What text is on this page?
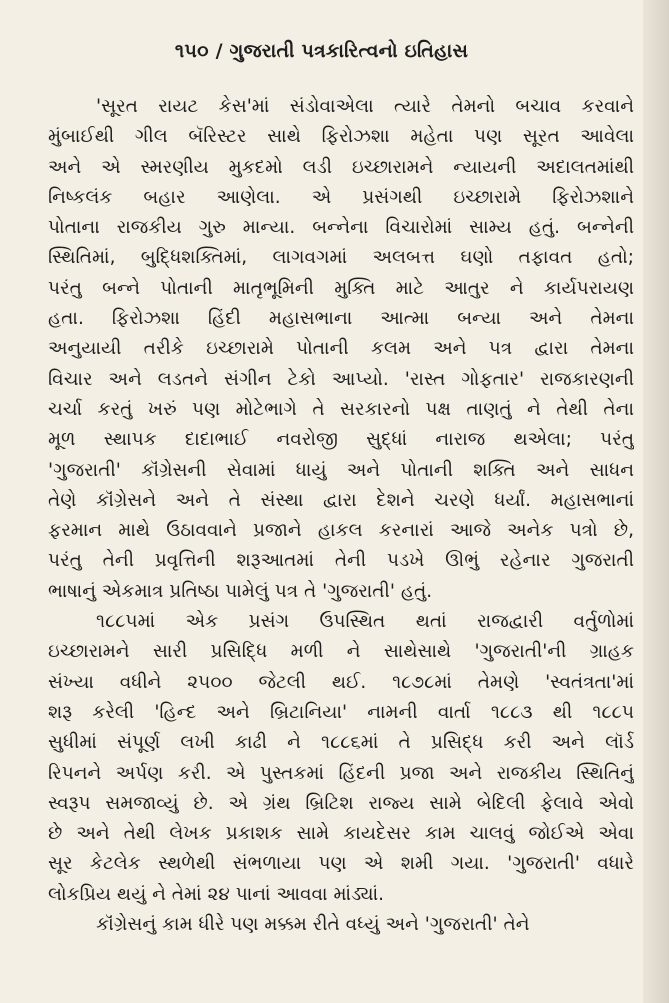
૧૫૦ / ગુજરાતી પત્રકારિત્વનો ઇતિહાસ
'સૂરત રાયટ કેસ'માં સંડોવાએલા ત્યારે તેમનો બચાવ કરવાને
મુંબાઈથી ગીલ બૅરિસ્ટર સાથે ફિરોઝશા મહેતા પણ સૂરત આવેલા
અને એ સ્મરણીય મુકદમો લડી ઇચ્છારામને ન્યાયની અદાલતમાંથી
નિષ્કલંક બહાર આણેલા. એ પ્રસંગથી ઇચ્છારામે ફિરોઝશાને
પોતાના રાજકીય ગુરુ માન્યા. બન્નેના વિચારોમાં સામ્ય હતું. બન્નેની
સ્થિતિમાં, બુદ્ધિશક્તિમાં, લાગવગમાં અલબત્ત ઘણો તફાવત હતો;
પરંતુ બન્ને પોતાની માતૃભૂમિની મુક્તિ માટે આતુર ને કાર્યપરાયણ
હતા. ફિરોઝશા હિંદી મહાસભાના આત્મા બન્યા અને તેમના
અનુયાયી તરીકે ઇચ્છારામે પોતાની કલમ અને પત્ર દ્વારા તેમના
વિચાર અને લડતને સંગીન ટેકો આપ્યો. 'રાસ્ત ગોફતાર' રાજકારણની
ચર્ચા કરતું ખરું પણ મોટેભાગે તે સરકારનો પક્ષ તાણતું ને તેથી તેના
મૂળ સ્થાપક દાદાભાઈ નવરોજી સુદ્ધાં નારાજ થએલા; પરંતુ
'ગુજરાતી' કૉંગ્રેસની સેવામાં ધાયું અને પોતાની શક્તિ અને સાધન
તેણે કૉંગ્રેસને અને તે સંસ્થા દ્વારા દેશને ચરણે ધર્યાં. મહાસભાનાં
ફરમાન માથે ઉઠાવવાને પ્રજાને હાકલ કરનારાં આજે અનેક પત્રો છે,
પરંતુ તેની પ્રવૃત્તિની શરૂઆતમાં તેની પડખે ઊભું રહેનાર ગુજરાતી
ભાષાનું એકમાત્ર પ્રતિષ્ઠા પામેલું પત્ર તે 'ગુજરાતી' હતું.
૧૮૮૫માં એક પ્રસંગ ઉપસ્થિત થતાં રાજદ્વારી વર્તુળોમાં
ઇચ્છારામને સારી પ્રસિદ્ધિ મળી ને સાથેસાથે 'ગુજરાતી'ની ગ્રાહક
સંખ્યા વધીને ૨૫૦૦ જેટલી થઈ. ૧૮૭૮માં તેમણે 'સ્વતંત્રતા'માં
શરૂ કરેલી 'હિન્દ અને બ્રિટાનિયા' નામની વાર્તા ૧૮૮૩ થી ૧૮૮૫
સુધીમાં સંપૂર્ણ લખી કાઢી ને ૧૮૮૬માં તે પ્રસિદ્ધ કરી અને લૉર્ડ
રિપનને અર્પણ કરી. એ પુસ્તકમાં હિંદની પ્રજા અને રાજકીય સ્થિતિનું
સ્વરૂપ સમજાવ્યું છે. એ ગ્રંથ બ્રિટિશ રાજ્ય સામે બેદિલી ફેલાવે એવો
છે અને તેથી લેખક પ્રકાશક સામે કાયદેસર કામ ચાલવું જોઈએ એવા
સૂર કેટલેક સ્થળેથી સંભળાયા પણ એ શમી ગયા. 'ગુજરાતી' વધારે
લોકપ્રિય થયું ને તેમાં ૨૪ પાનાં આવવા માંડ્યાં.
કૉંગ્રેસનું કામ ધીરે પણ મક્કમ રીતે વધ્યું અને 'ગુજરાતી' તેને
